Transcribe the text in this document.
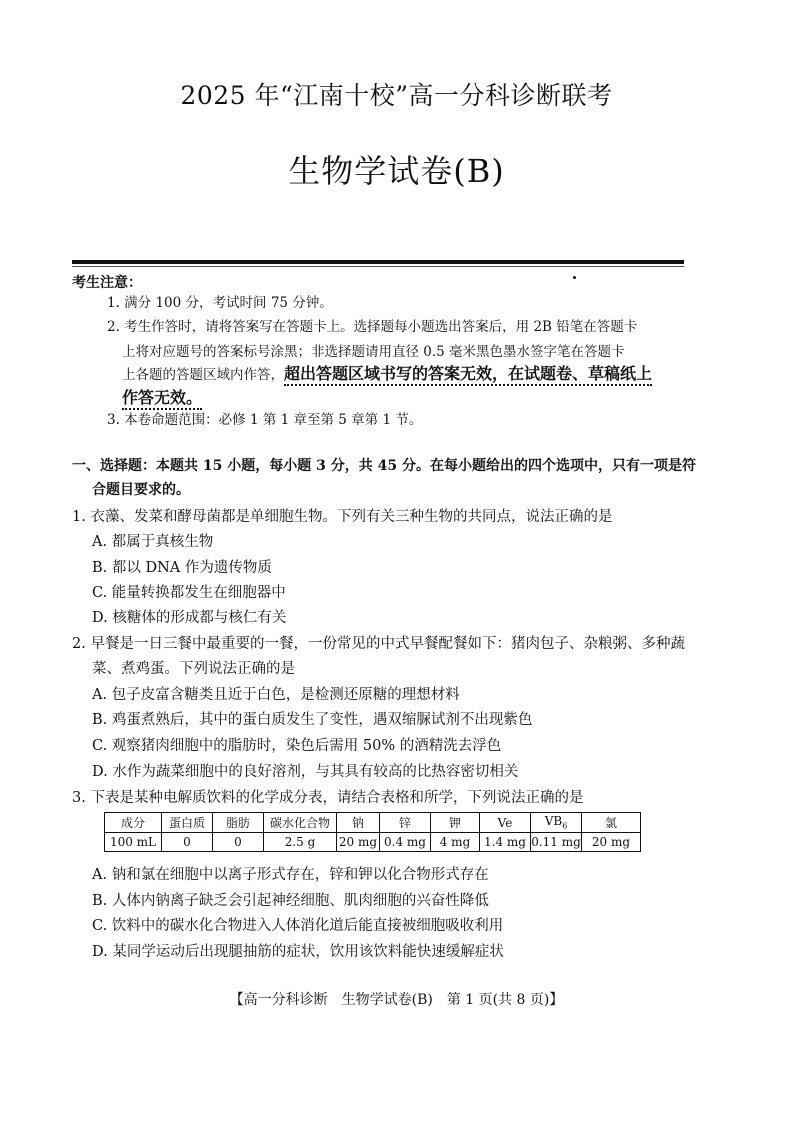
2025 年“江南十校”高一分科诊断联考
生物学试卷(B)
考生注意：
1. 满分 100 分，考试时间 75 分钟。
2. 考生作答时，请将答案写在答题卡上。选择题每小题选出答案后，用 2B 铅笔在答题卡
上将对应题号的答案标号涂黑；非选择题请用直径 0.5 毫米黑色墨水签字笔在答题卡
上各题的答题区域内作答，超出答题区域书写的答案无效，在试题卷、草稿纸上
作答无效。
3. 本卷命题范围：必修 1 第 1 章至第 5 章第 1 节。
一、选择题：本题共 15 小题，每小题 3 分，共 45 分。在每小题给出的四个选项中，只有一项是符
合题目要求的。
1. 衣藻、发菜和酵母菌都是单细胞生物。下列有关三种生物的共同点，说法正确的是
A. 都属于真核生物
B. 都以 DNA 作为遗传物质
C. 能量转换都发生在细胞器中
D. 核糖体的形成都与核仁有关
2. 早餐是一日三餐中最重要的一餐，一份常见的中式早餐配餐如下：猪肉包子、杂粮粥、多种蔬
菜、煮鸡蛋。下列说法正确的是
A. 包子皮富含糖类且近于白色，是检测还原糖的理想材料
B. 鸡蛋煮熟后，其中的蛋白质发生了变性，遇双缩脲试剂不出现紫色
C. 观察猪肉细胞中的脂肪时，染色后需用 50% 的酒精洗去浮色
D. 水作为蔬菜细胞中的良好溶剂，与其具有较高的比热容密切相关
3. 下表是某种电解质饮料的化学成分表，请结合表格和所学，下列说法正确的是
成分	蛋白质	脂肪	碳水化合物	钠	锌	钾	Ve	$VB_6$	氯
100 mL	0	0	2.5 g	20 mg	0.4 mg	4 mg	1.4 mg	0.11 mg	20 mg
A. 钠和氯在细胞中以离子形式存在，锌和钾以化合物形式存在
B. 人体内钠离子缺乏会引起神经细胞、肌肉细胞的兴奋性降低
C. 饮料中的碳水化合物进入人体消化道后能直接被细胞吸收利用
D. 某同学运动后出现腿抽筋的症状，饮用该饮料能快速缓解症状
【高一分科诊断　生物学试卷(B)　第 1 页(共 8 页)】
